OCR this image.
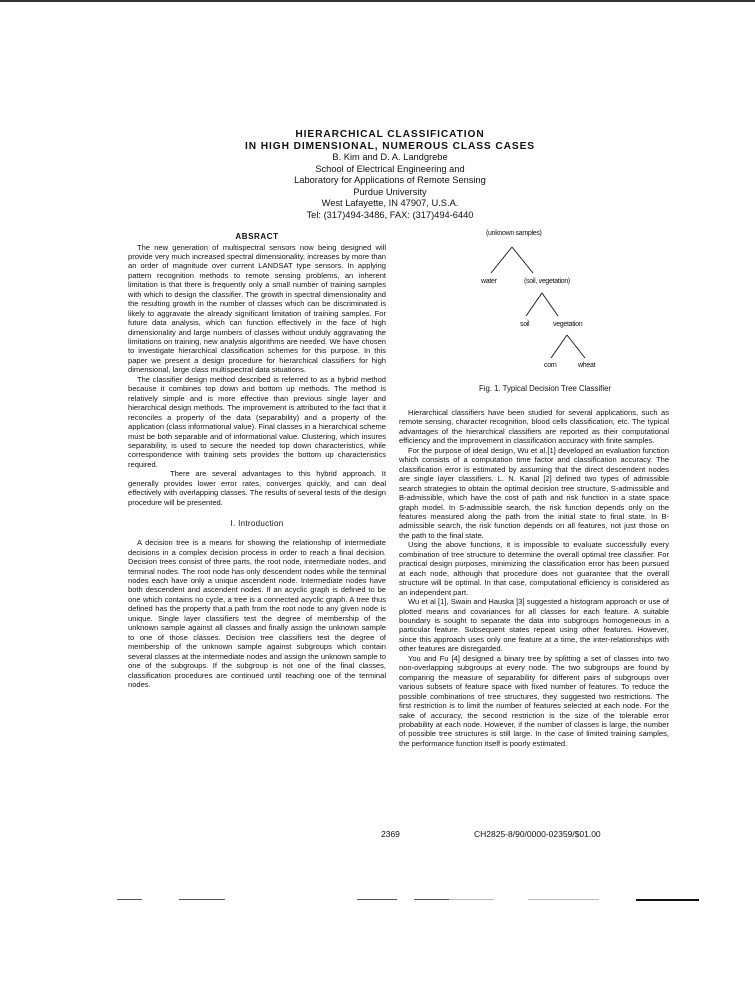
HIERARCHICAL CLASSIFICATION
IN HIGH DIMENSIONAL, NUMEROUS CLASS CASES
B. Kim and D. A. Landgrebe
School of Electrical Engineering and
Laboratory for Applications of Remote Sensing
Purdue University
West Lafayette, IN 47907, U.S.A.
Tel: (317)494-3486, FAX: (317)494-6440
ABSRACT

The new generation of multispectral sensors now being designed will provide very much increased spectral dimensionality, increases by more than an order of magnitude over current LANDSAT type sensors. In applying pattern recognition methods to remote sensing problems, an inherent limitation is that there is frequently only a small number of training samples with which to design the classifier. The growth in spectral dimensionality and the resulting growth in the number of classes which can be discriminated is likely to aggravate the already significant limitation of training samples. For future data analysis, which can function effectively in the face of high dimensionality and large numbers of classes without unduly aggravating the limitations on training, new analysis algorithms are needed. We have chosen to investigate hierarchical classification schemes for this purpose. In this paper we present a design procedure for hierarchical classifiers for high dimensional, large class multispectral data situations.

The classifier design method described is referred to as a hybrid method because it combines top down and bottom up methods. The method is relatively simple and is more effective than previous single layer and hierarchical design methods. The improvement is attributed to the fact that it reconciles a property of the data (separability) and a property of the application (class informational value). Final classes in a hierarchical scheme must be both separable and of informational value. Clustering, which insures separability, is used to secure the needed top down characteristics, while correspondence with training sets provides the bottom up characteristics required.

There are several advantages to this hybrid approach. It generally provides lower error rates, converges quickly, and can deal effectively with overlapping classes. The results of several tests of the design procedure will be presented.

I. Introduction

A decision tree is a means for showing the relationship of intermediate decisions in a complex decision process in order to reach a final decision. Decision trees consist of three parts, the root node, intermediate nodes, and terminal nodes. The root node has only descendent nodes while the terminal nodes each have only a unique ascendent node. Intermediate nodes have both descendent and ascendent nodes. If an acyclic graph is defined to be one which contains no cycle, a tree is a connected acyclic graph. A tree thus defined has the property that a path from the root node to any given node is unique. Single layer classifiers test the degree of membership of the unknown sample against all classes and finally assign the unknown sample to one of those classes. Decision tree classifiers test the degree of membership of the unknown sample against subgroups which contain several classes at the intermediate nodes and assign the unknown sample to one of the subgroups. If the subgroup is not one of the final classes, classification procedures are continued until reaching one of the terminal nodes.

(unknown samples)
water	(soil, vegetation)
soil	vegetation
corn	wheat
Fig. 1. Typical Decision Tree Classifier

Hierarchical classifiers have been studied for several applications, such as remote sensing, character recognition, blood cells classification, etc. The typical advantages of the hierarchical classifiers are reported as their computational efficiency and the improvement in classification accuracy with finite samples.

For the purpose of ideal design, Wu et al.[1] developed an evaluation function which consists of a computation time factor and classification accuracy. The classification error is estimated by assuming that the direct descendent nodes are single layer classifiers. L. N. Kanal [2] defined two types of admissible search strategies to obtain the optimal decision tree structure, S-admissible and B-admissible, which have the cost of path and risk function in a state space graph model. In S-admissible search, the risk function depends only on the features measured along the path from the initial state to final state. In B-admissible search, the risk function depends on all features, not just those on the path to the final state.

Using the above functions, it is impossible to evaluate successfully every combination of tree structure to determine the overall optimal tree classifier. For practical design purposes, minimizing the classification error has been pursued at each node, although that procedure does not guarantee that the overall structure will be optimal. In that case, computational efficiency is considered as an independent part.

Wu et al [1], Swain and Hauska [3] suggested a histogram approach or use of plotted means and covariances for all classes for each feature. A suitable boundary is sought to separate the data into subgroups homogeneous in a particular feature. Subsequent states repeat using other features. However, since this approach uses only one feature at a time, the inter-relationships with other features are disregarded.

You and Fu [4] designed a binary tree by splitting a set of classes into two non-overlapping subgroups at every node. The two subgroups are found by comparing the measure of separability for different pairs of subgroups over various subsets of feature space with fixed number of features. To reduce the possible combinations of tree structures, they suggested two restrictions. The first restriction is to limit the number of features selected at each node. For the sake of accuracy, the second restriction is the size of the tolerable error probability at each node. However, if the number of classes is large, the number of possible tree structures is still large. In the case of limited training samples, the performance function itself is poorly estimated.

2369	CH2825-8/90/0000-02359/$01.00
